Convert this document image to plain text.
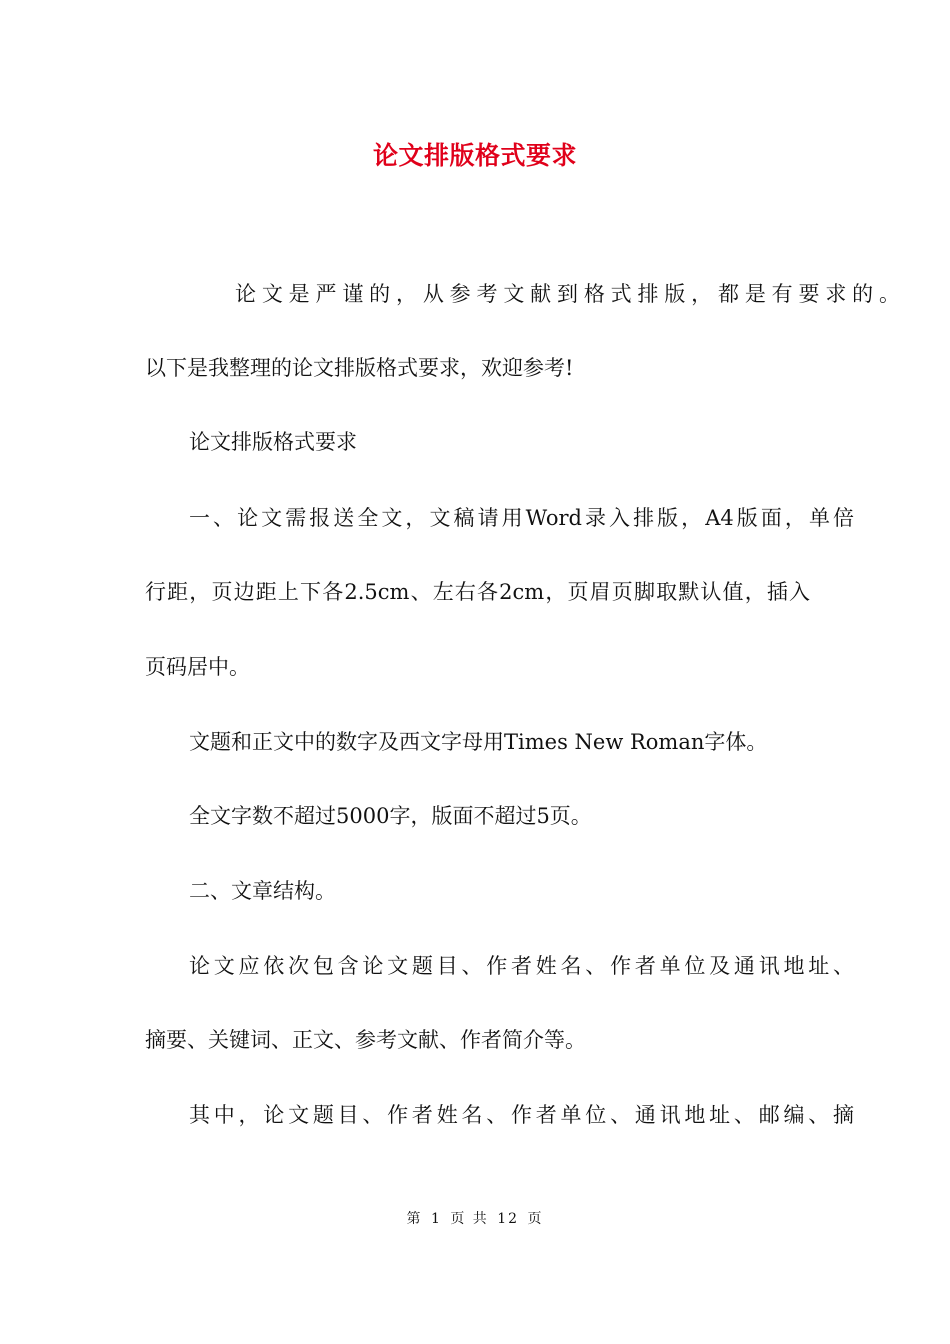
论文排版格式要求
论文是严谨的，从参考文献到格式排版，都是有要求的。
以下是我整理的论文排版格式要求，欢迎参考!
论文排版格式要求
一、论文需报送全文，文稿请用Word录入排版，A4版面，单倍
行距，页边距上下各2.5cm、左右各2cm，页眉页脚取默认值，插入
页码居中。
文题和正文中的数字及西文字母用Times New Roman字体。
全文字数不超过5000字，版面不超过5页。
二、文章结构。
论文应依次包含论文题目、作者姓名、作者单位及通讯地址、
摘要、关键词、正文、参考文献、作者简介等。
其中，论文题目、作者姓名、作者单位、通讯地址、邮编、摘
第 1 页 共 12 页
